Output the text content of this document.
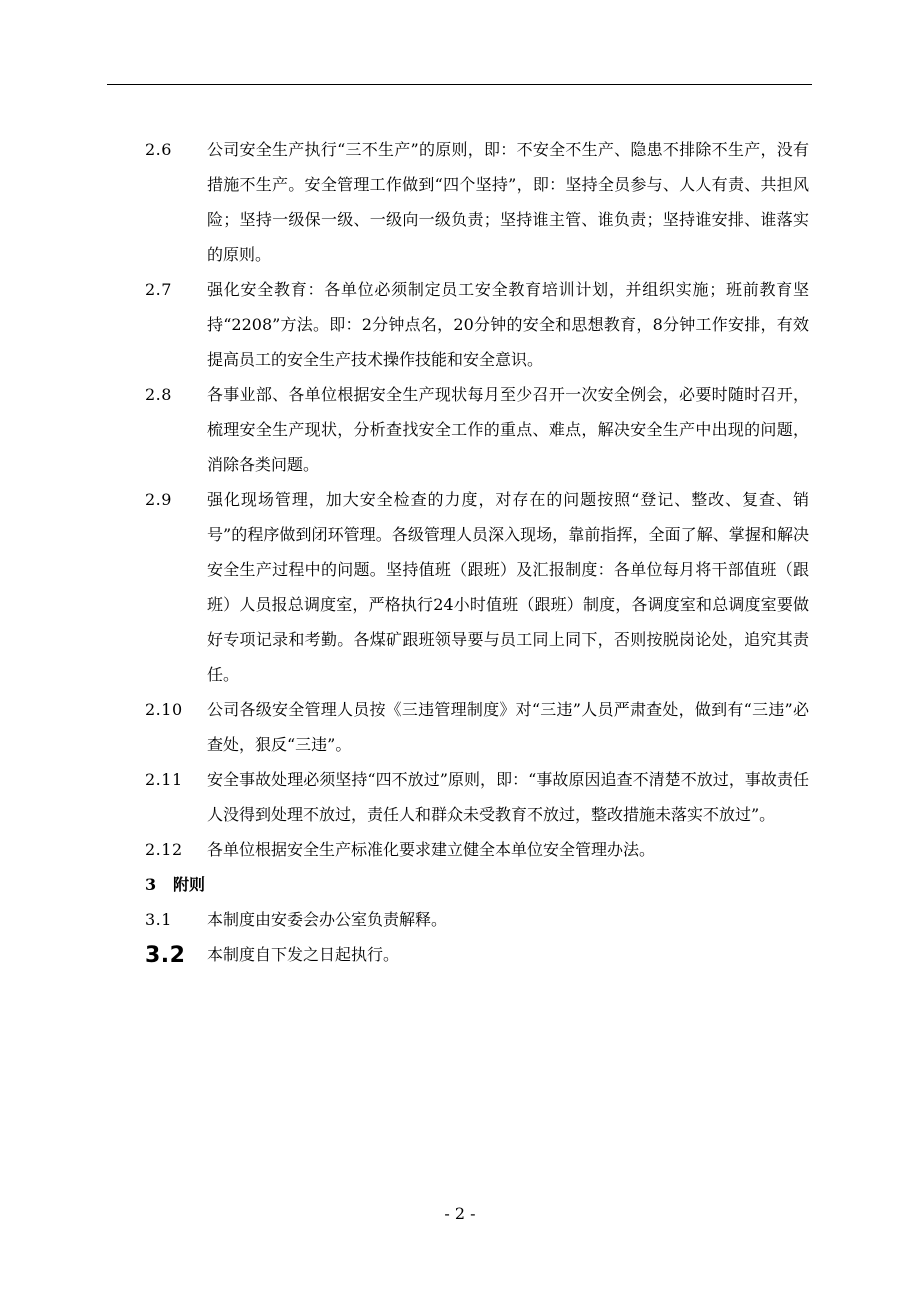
2.6	公司安全生产执行“三不生产”的原则，即：不安全不生产、隐患不排除不生产，没有措施不生产。安全管理工作做到“四个坚持”，即：坚持全员参与、人人有责、共担风险；坚持一级保一级、一级向一级负责；坚持谁主管、谁负责；坚持谁安排、谁落实的原则。
2.7	强化安全教育：各单位必须制定员工安全教育培训计划，并组织实施；班前教育坚持“2208”方法。即：2分钟点名，20分钟的安全和思想教育，8分钟工作安排，有效提高员工的安全生产技术操作技能和安全意识。
2.8	各事业部、各单位根据安全生产现状每月至少召开一次安全例会，必要时随时召开，梳理安全生产现状，分析查找安全工作的重点、难点，解决安全生产中出现的问题，消除各类问题。
2.9	强化现场管理，加大安全检查的力度，对存在的问题按照“登记、整改、复查、销号”的程序做到闭环管理。各级管理人员深入现场，靠前指挥，全面了解、掌握和解决安全生产过程中的问题。坚持值班（跟班）及汇报制度：各单位每月将干部值班（跟班）人员报总调度室，严格执行24小时值班（跟班）制度，各调度室和总调度室要做好专项记录和考勤。各煤矿跟班领导要与员工同上同下，否则按脱岗论处，追究其责任。
2.10	公司各级安全管理人员按《三违管理制度》对“三违”人员严肃查处，做到有“三违”必查处，狠反“三违”。
2.11	安全事故处理必须坚持“四不放过”原则，即：“事故原因追查不清楚不放过，事故责任人没得到处理不放过，责任人和群众未受教育不放过，整改措施未落实不放过”。
2.12	各单位根据安全生产标准化要求建立健全本单位安全管理办法。
3	附则
3.1	本制度由安委会办公室负责解释。
3.2	本制度自下发之日起执行。
- 2 -
